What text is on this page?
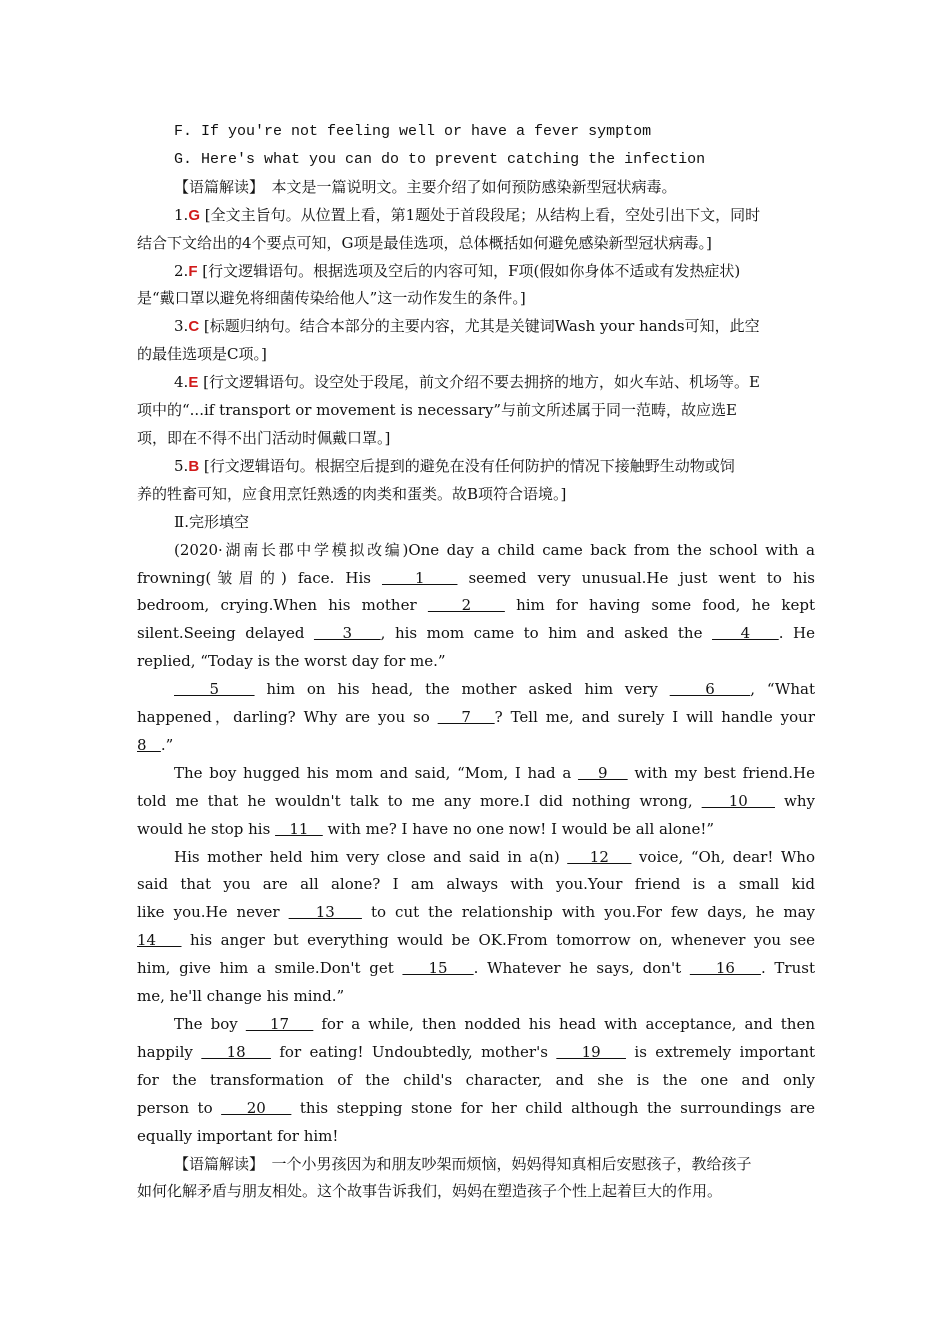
F. If you're not feeling well or have a fever symptom
G. Here's what you can do to prevent catching the infection
【语篇解读】　本文是一篇说明文。主要介绍了如何预防感染新型冠状病毒。
1.G [全文主旨句。从位置上看，第1题处于首段段尾；从结构上看，空处引出下文，同时
结合下文给出的4个要点可知，G项是最佳选项，总体概括如何避免感染新型冠状病毒。]
2.F [行文逻辑语句。根据选项及空后的内容可知，F项(假如你身体不适或有发热症状)
是“戴口罩以避免将细菌传染给他人”这一动作发生的条件。]
3.C [标题归纳句。结合本部分的主要内容，尤其是关键词Wash your hands可知，此空
的最佳选项是C项。]
4.E [行文逻辑语句。设空处于段尾，前文介绍不要去拥挤的地方，如火车站、机场等。E
项中的“...if transport or movement is necessary”与前文所述属于同一范畴，故应选E
项，即在不得不出门活动时佩戴口罩。]
5.B [行文逻辑语句。根据空后提到的避免在没有任何防护的情况下接触野生动物或饲
养的牲畜可知，应食用烹饪熟透的肉类和蛋类。故B项符合语境。]
Ⅱ.完形填空
(2020·湖南长郡中学模拟改编)One day a child came back from the school with a
frowning(皱眉的) face. His    1    seemed very unusual.He just went to his
bedroom, crying.When his mother    2    him for having some food, he kept
silent.Seeing delayed    3   , his mom came to him and asked the    4   . He
replied, “Today is the worst day for me.”
5    him on his head, the mother asked him very    6   , “What
happened，darling? Why are you so    7   ? Tell me, and surely I will handle your
8   .”
The boy hugged his mom and said, “Mom, I had a    9    with my best friend.He
told me that he wouldn't talk to me any more.I did nothing wrong,    10    why
would he stop his    11    with me? I have no one now! I would be all alone!”
His mother held him very close and said in a(n)    12    voice, “Oh, dear! Who
said that you are all alone? I am always with you.Your friend is a small kid
like you.He never    13    to cut the relationship with you.For few days, he may
14    his anger but everything would be OK.From tomorrow on, whenever you see
him, give him a smile.Don't get    15   . Whatever he says, don't    16   . Trust
me, he'll change his mind.”
The boy    17    for a while, then nodded his head with acceptance, and then
happily    18    for eating! Undoubtedly, mother's    19    is extremely important
for the transformation of the child's character, and she is the one and only
person to    20    this stepping stone for her child although the surroundings are
equally important for him!
【语篇解读】　一个小男孩因为和朋友吵架而烦恼，妈妈得知真相后安慰孩子，教给孩子
如何化解矛盾与朋友相处。这个故事告诉我们，妈妈在塑造孩子个性上起着巨大的作用。
